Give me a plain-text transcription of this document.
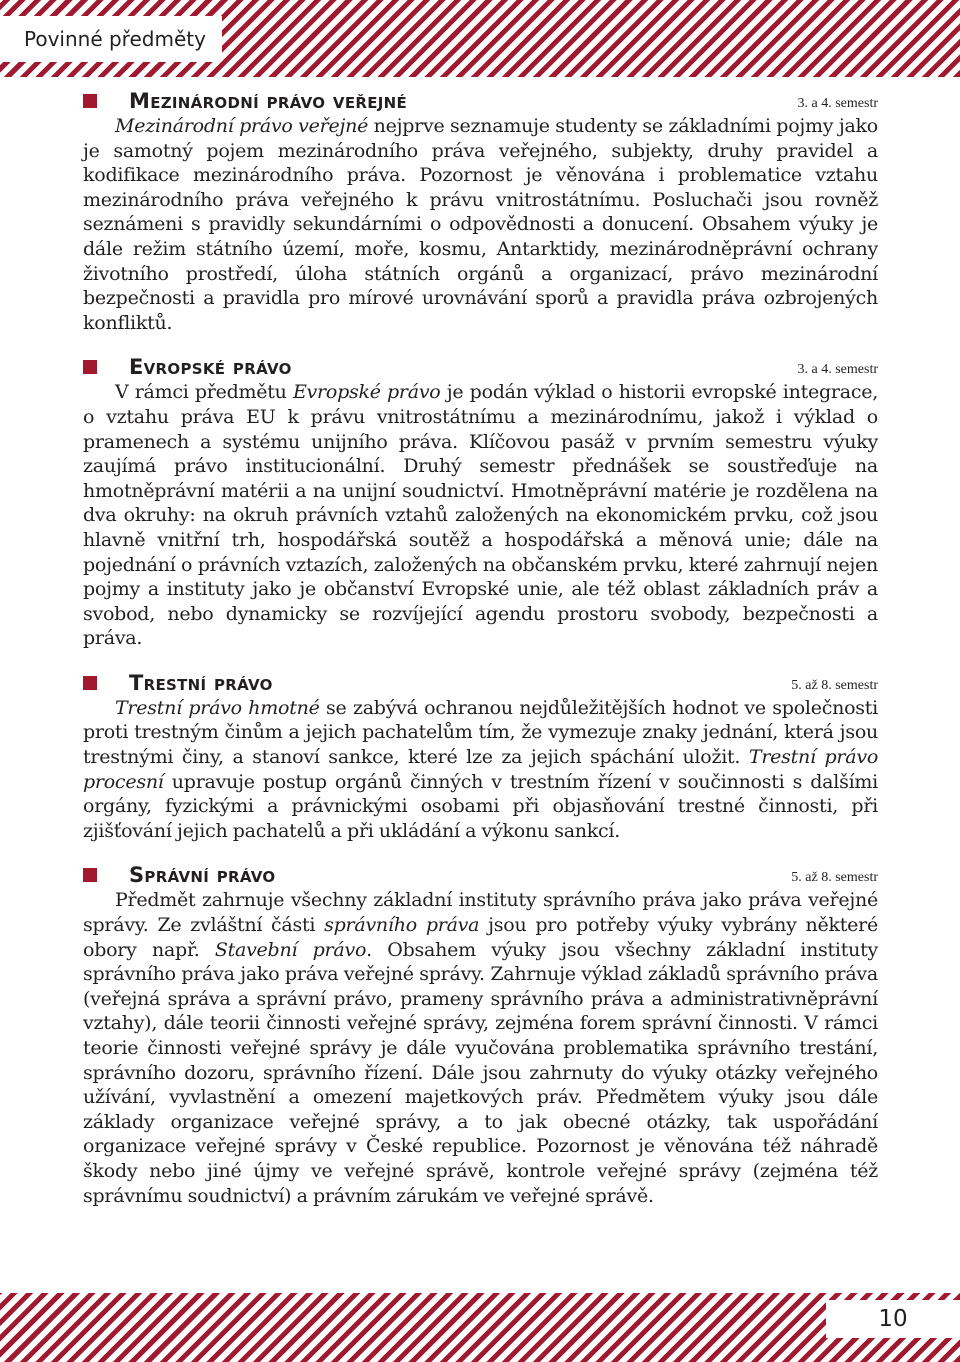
Povinné předměty
Mezinárodní právo veřejné	3. a 4. semestr

Mezinárodní právo veřejné nejprve seznamuje studenty se základními pojmy jako je samotný pojem mezinárodního práva veřejného, subjekty, druhy pravidel a kodifikace mezinárodního práva. Pozornost je věnována i problematice vztahu mezinárodního práva veřejného k právu vnitrostátnímu. Posluchači jsou rovněž seznámeni s pravidly sekundárními o odpovědnosti a donucení. Obsahem výuky je dále režim státního území, moře, kosmu, Antarktidy, mezinárodněprávní ochrany životního prostředí, úloha státních orgánů a organizací, právo mezinárodní bezpečnosti a pravidla pro mírové urovnávání sporů a pravidla práva ozbrojených konfliktů.

Evropské právo	3. a 4. semestr

V rámci předmětu Evropské právo je podán výklad o historii evropské integrace, o vztahu práva EU k právu vnitrostátnímu a mezinárodnímu, jakož i výklad o pramenech a systému unijního práva. Klíčovou pasáž v prvním semestru výuky zaujímá právo institucionální. Druhý semestr přednášek se soustřeďuje na hmotněprávní matérii a na unijní soudnictví. Hmotněprávní matérie je rozdělena na dva okruhy: na okruh právních vztahů založených na ekonomickém prvku, což jsou hlavně vnitřní trh, hospodářská soutěž a hospodářská a měnová unie; dále na pojednání o právních vztazích, založených na občanském prvku, které zahrnují nejen pojmy a instituty jako je občanství Evropské unie, ale též oblast základních práv a svobod, nebo dynamicky se rozvíjející agendu prostoru svobody, bezpečnosti a práva.

Trestní právo	5. až 8. semestr

Trestní právo hmotné se zabývá ochranou nejdůležitějších hodnot ve společnosti proti trestným činům a jejich pachatelům tím, že vymezuje znaky jednání, která jsou trestnými činy, a stanoví sankce, které lze za jejich spáchání uložit. Trestní právo procesní upravuje postup orgánů činných v trestním řízení v součinnosti s dalšími orgány, fyzickými a právnickými osobami při objasňování trestné činnosti, při zjišťování jejich pachatelů a při ukládání a výkonu sankcí.

Správní právo	5. až 8. semestr

Předmět zahrnuje všechny základní instituty správního práva jako práva veřejné správy. Ze zvláštní části správního práva jsou pro potřeby výuky vybrány některé obory např. Stavební právo. Obsahem výuky jsou všechny základní instituty správního práva jako práva veřejné správy. Zahrnuje výklad základů správního práva (veřejná správa a správní právo, prameny správního práva a administrativněprávní vztahy), dále teorii činnosti veřejné správy, zejména forem správní činnosti. V rámci teorie činnosti veřejné správy je dále vyučována problematika správního trestání, správního dozoru, správního řízení. Dále jsou zahrnuty do výuky otázky veřejného užívání, vyvlastnění a omezení majetkových práv. Předmětem výuky jsou dále základy organizace veřejné správy, a to jak obecné otázky, tak uspořádání organizace veřejné správy v České republice. Pozornost je věnována též náhradě škody nebo jiné újmy ve veřejné správě, kontrole veřejné správy (zejména též správnímu soudnictví) a právním zárukám ve veřejné správě.

10
